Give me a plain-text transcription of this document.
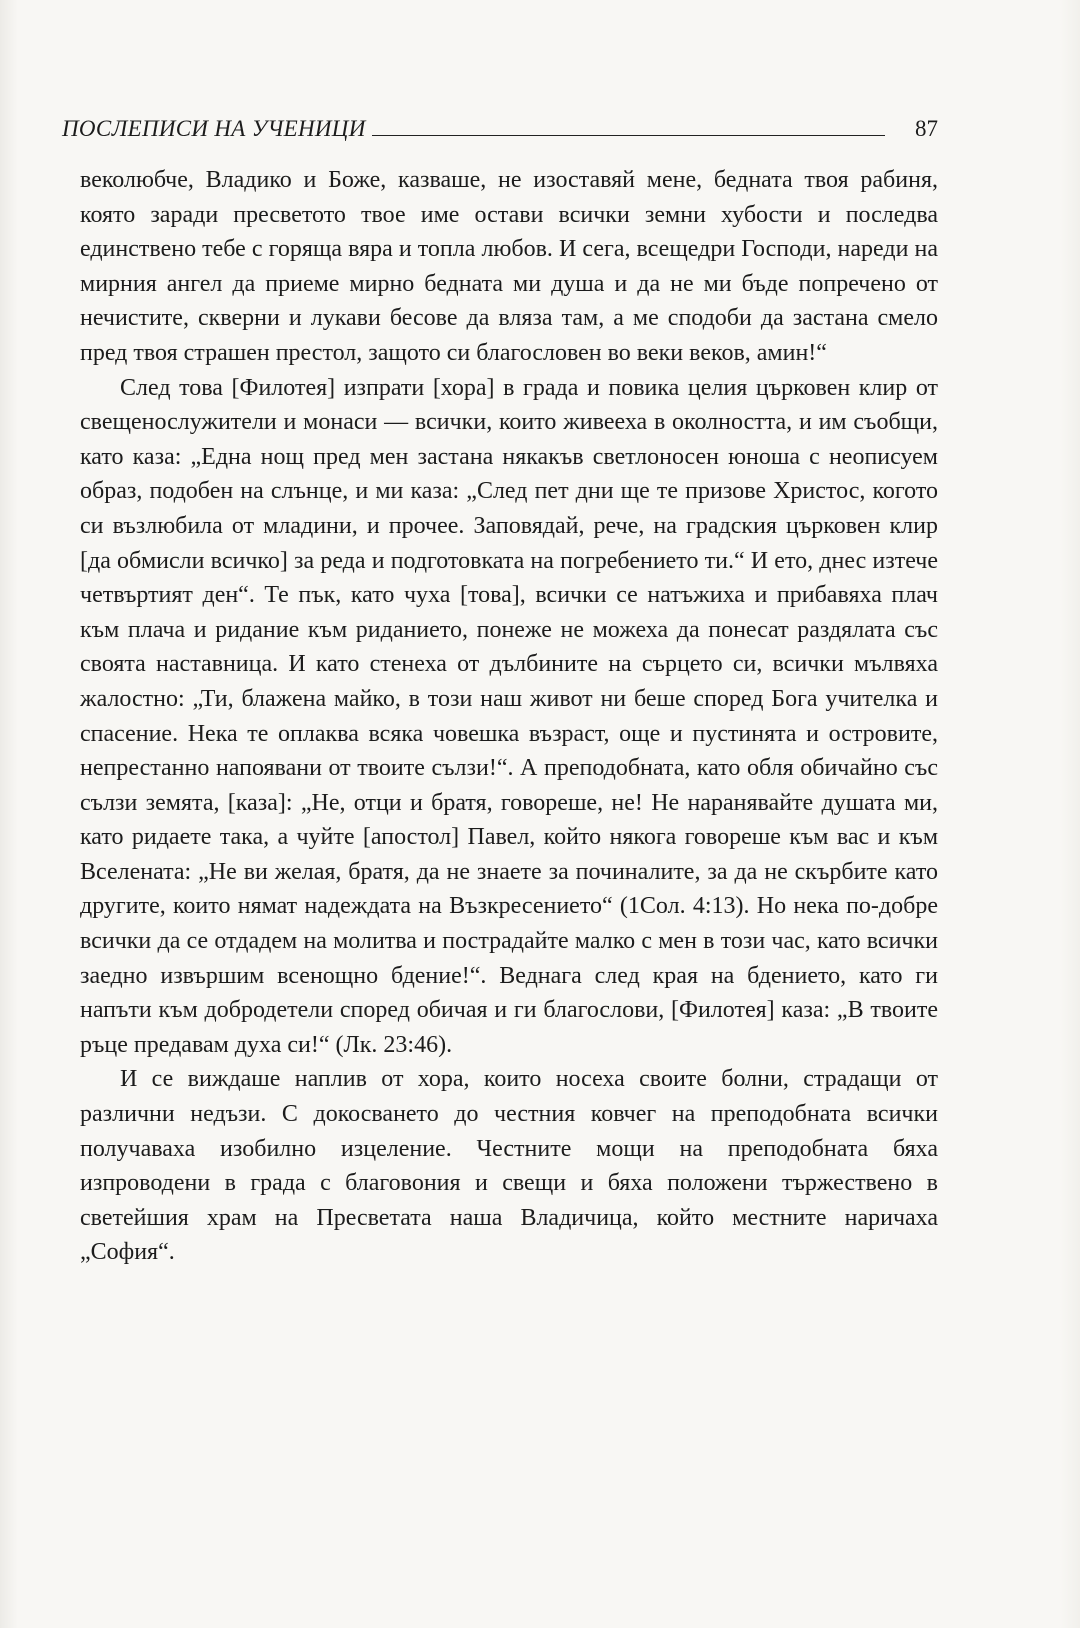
ПОСЛЕПИСИ НА УЧЕНИЦИ	87

веколюбче, Владико и Боже, казваше, не изоставяй мене, бедната твоя рабиня, която заради пресветото твое име остави всички земни хубости и последва единствено тебе с горяща вяра и топла любов. И сега, всещедри Господи, нареди на мирния ангел да приеме мирно бедната ми душа и да не ми бъде попречено от нечистите, скверни и лукави бесове да вляза там, а ме сподоби да застана смело пред твоя страшен престол, защото си благословен во веки веков, амин!“

След това [Филотея] изпрати [хора] в града и повика целия църковен клир от свещенослужители и монаси — всички, които живееха в околността, и им съобщи, като каза: „Една нощ пред мен застана някакъв светлоносен юноша с неописуем образ, подобен на слънце, и ми каза: „След пет дни ще те призове Христос, когото си възлюбила от младини, и прочее. Заповядай, рече, на градския църковен клир [да обмисли всичко] за реда и подготовката на погребението ти.“ И ето, днес изтече четвъртият ден“. Те пък, като чуха [това], всички се натъжиха и прибавяха плач към плача и ридание към риданието, понеже не можеха да понесат раздялата със своята наставница. И като стенеха от дълбините на сърцето си, всички мълвяха жалостно: „Ти, блажена майко, в този наш живот ни беше според Бога учителка и спасение. Нека те оплаква всяка човешка възраст, още и пустинята и островите, непрестанно напоявани от твоите сълзи!“. А преподобната, като обля обичайно със сълзи земята, [каза]: „Не, отци и братя, говореше, не! Не наранявайте душата ми, като ридаете така, а чуйте [апостол] Павел, който някога говореше към вас и към Вселената: „Не ви желая, братя, да не знаете за починалите, за да не скърбите като другите, които нямат надеждата на Възкресението“ (1Сол. 4:13). Но нека по-добре всички да се отдадем на молитва и пострадайте малко с мен в този час, като всички заедно извършим всенощно бдение!“. Веднага след края на бдението, като ги напъти към добродетели според обичая и ги благослови, [Филотея] каза: „В твоите ръце предавам духа си!“ (Лк. 23:46).

И се виждаше наплив от хора, които носеха своите болни, страдащи от различни недъзи. С докосването до честния ковчег на преподобната всички получаваха изобилно изцеление. Честните мощи на преподобната бяха изпроводени в града с благовония и свещи и бяха положени тържествено в светейшия храм на Пресветата наша Владичица, който местните наричаха „София“.
